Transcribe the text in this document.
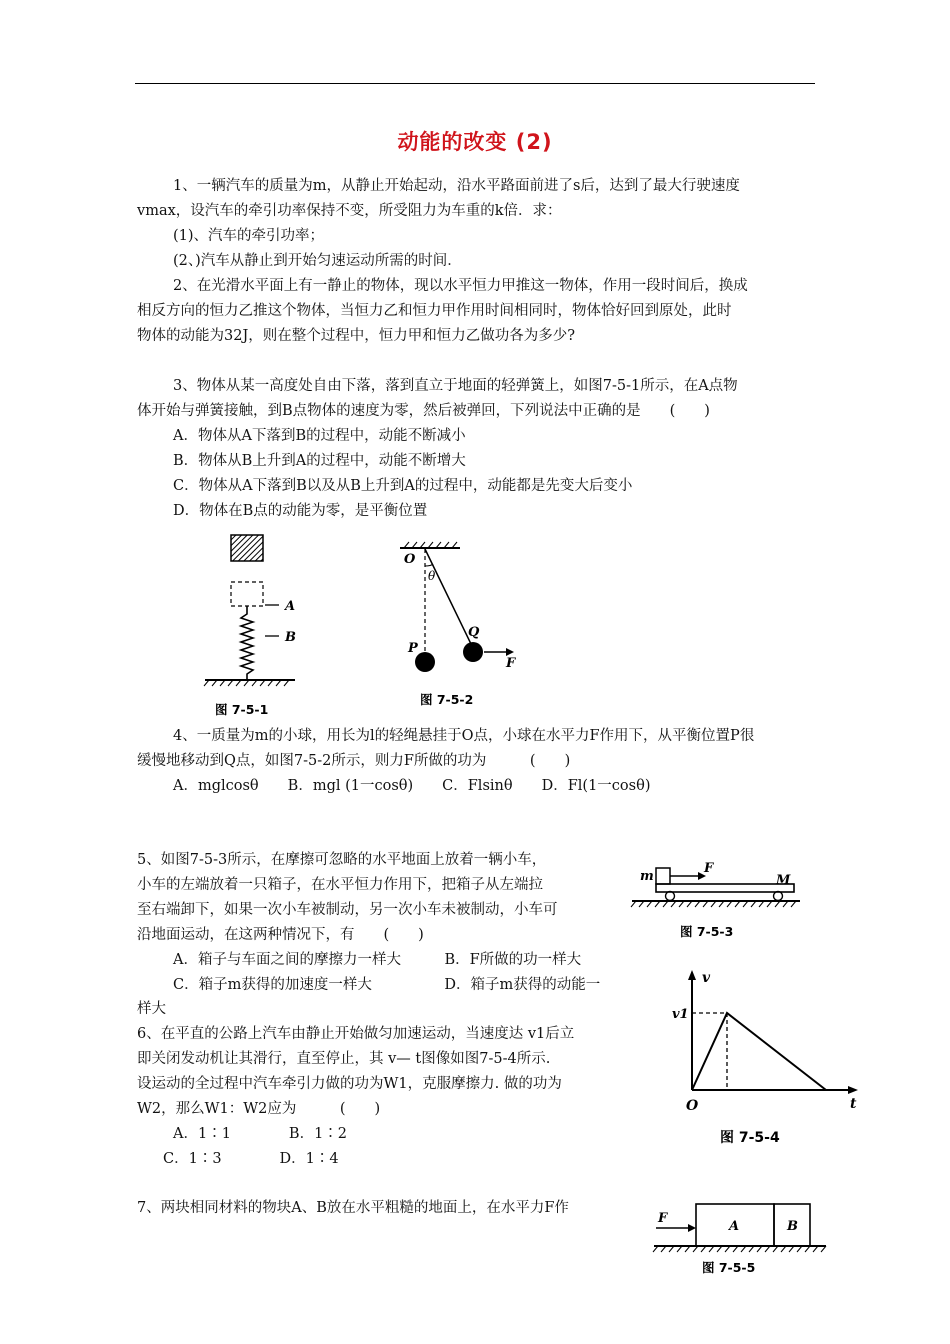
动能的改变 (2)
1、一辆汽车的质量为m，从静止开始起动，沿水平路面前进了s后，达到了最大行驶速度
vmax，设汽车的牵引功率保持不变，所受阻力为车重的k倍．求：
(1)、汽车的牵引功率；
(2、)汽车从静止到开始匀速运动所需的时间．
2、在光滑水平面上有一静止的物体，现以水平恒力甲推这一物体，作用一段时间后，换成
相反方向的恒力乙推这个物体，当恒力乙和恒力甲作用时间相同时，物体恰好回到原处，此时
物体的动能为32J，则在整个过程中，恒力甲和恒力乙做功各为多少?
3、物体从某一高度处自由下落，落到直立于地面的轻弹簧上，如图7-5-1所示，在A点物
体开始与弹簧接触，到B点物体的速度为零，然后被弹回，下列说法中正确的是　　(　　)
A．物体从A下落到B的过程中，动能不断减小
B．物体从B上升到A的过程中，动能不断增大
C．物体从A下落到B以及从B上升到A的过程中，动能都是先变大后变小
D．物体在B点的动能为零，是平衡位置
A
B
图 7-5-1
O
θ
P
Q
F
图 7-5-2
4、一质量为m的小球，用长为l的轻绳悬挂于O点，小球在水平力F作用下，从平衡位置P很
缓慢地移动到Q点，如图7-5-2所示，则力F所做的功为　　　(　　)
A．mglcosθ　　B．mgl (1一cosθ)　　C．Flsinθ　　D．Fl(1一cosθ)
5、如图7-5-3所示，在摩擦可忽略的水平地面上放着一辆小车，
小车的左端放着一只箱子，在水平恒力作用下，把箱子从左端拉
至右端卸下，如果一次小车被制动，另一次小车未被制动，小车可
沿地面运动，在这两种情况下，有　　(　　)
A．箱子与车面之间的摩擦力一样大　　　B．F所做的功一样大
C．箱子m获得的加速度一样大　　　　　D．箱子m获得的动能一
样大
m
F
M
图 7-5-3
6、在平直的公路上汽车由静止开始做匀加速运动，当速度达 v1后立
即关闭发动机让其滑行，直至停止，其 v— t图像如图7-5-4所示.
设运动的全过程中汽车牵引力做的功为W1，克服摩擦力. 做的功为
W2，那么W1：W2应为　　　(　　)
A．1∶1　　　　B．1∶2
C．1∶3　　　　D．1∶4
v
v1
O	t
图 7-5-4
7、两块相同材料的物块A、B放在水平粗糙的地面上，在水平力F作
F
A	B
图 7-5-5
